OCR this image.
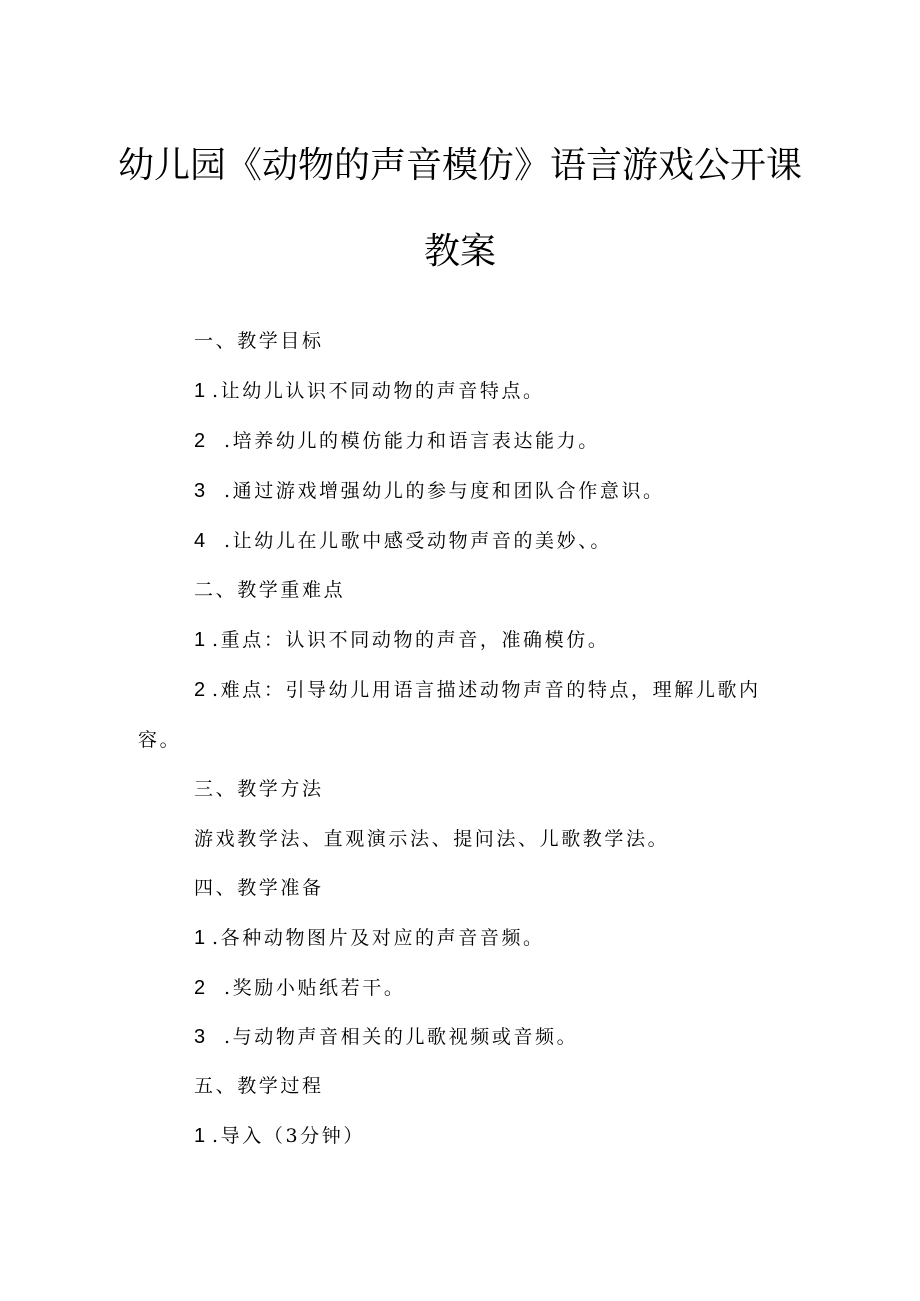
幼儿园《动物的声音模仿》语言游戏公开课
教案
一、教学目标
1 .让幼儿认识不同动物的声音特点。
2 .培养幼儿的模仿能力和语言表达能力。
3 .通过游戏增强幼儿的参与度和团队合作意识。
4 .让幼儿在儿歌中感受动物声音的美妙、。
二、教学重难点
1 .重点：认识不同动物的声音，准确模仿。
2 .难点：引导幼儿用语言描述动物声音的特点，理解儿歌内
容。
三、教学方法
游戏教学法、直观演示法、提问法、儿歌教学法。
四、教学准备
1 .各种动物图片及对应的声音音频。
2 .奖励小贴纸若干。
3 .与动物声音相关的儿歌视频或音频。
五、教学过程
1 .导入（3分钟）
